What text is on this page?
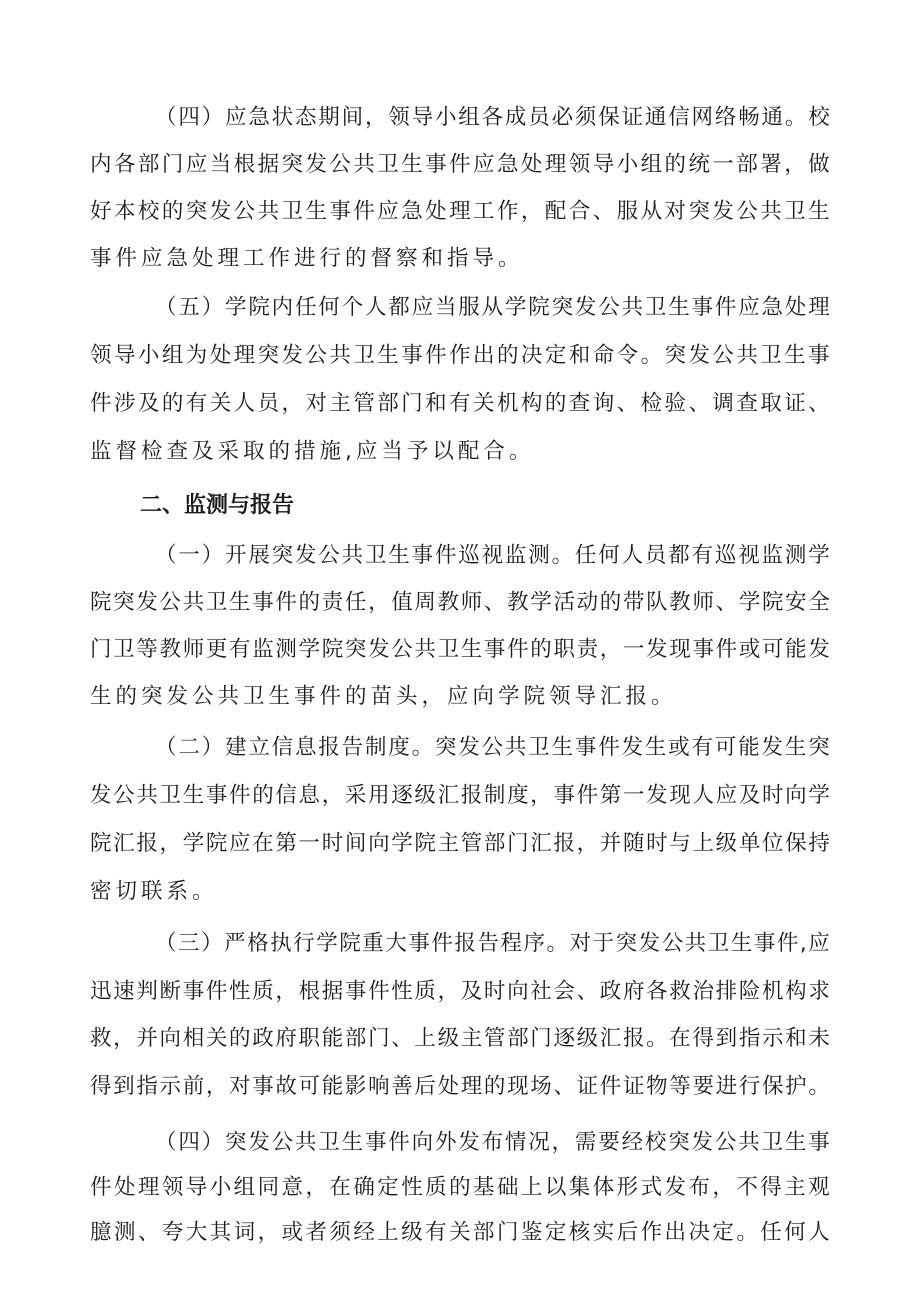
（ 四 ） 应 急 状 态 期 间 ， 领 导 小 组 各 成 员 必 须 保 证 通 信 网 络 畅 通 。 校
内 各 部 门 应 当 根 据 突 发 公 共 卫 生 事 件 应 急 处 理 领 导 小 组 的 统 一 部 署 ， 做
好 本 校 的 突 发 公 共 卫 生 事 件 应 急 处 理 工 作 ， 配 合 、 服 从 对 突 发 公 共 卫 生
事件应急处理工作进行的督察和指导。
（ 五 ） 学 院 内 任 何 个 人 都 应 当 服 从 学 院 突 发 公 共 卫 生 事 件 应 急 处 理
领 导 小 组 为 处 理 突 发 公 共 卫 生 事 件 作 出 的 决 定 和 命 令 。 突 发 公 共 卫 生 事
件 涉 及 的 有 关 人 员 ， 对 主 管 部 门 和 有 关 机 构 的 查 询 、 检 验 、 调 查 取 证 、
监督检查及采取的措施,应当予以配合。
二、监测与报告
（ 一 ） 开 展 突 发 公 共 卫 生 事 件 巡 视 监 测 。 任 何 人 员 都 有 巡 视 监 测 学
院 突 发 公 共 卫 生 事 件 的 责 任 ， 值 周 教 师 、 教 学 活 动 的 带 队 教 师 、 学 院 安 全
门 卫 等 教 师 更 有 监 测 学 院 突 发 公 共 卫 生 事 件 的 职 责 ， 一 发 现 事 件 或 可 能 发
生的突发公共卫生事件的苗头，应向学院领导汇报。
（ 二 ） 建 立 信 息 报 告 制 度 。 突 发 公 共 卫 生 事 件 发 生 或 有 可 能 发 生 突
发 公 共 卫 生 事 件 的 信 息 ， 采 用 逐 级 汇 报 制 度 ， 事 件 第 一 发 现 人 应 及 时 向 学
院 汇 报 ， 学 院 应 在 第 一 时 间 向 学 院 主 管 部 门 汇 报 ， 并 随 时 与 上 级 单 位 保 持
密切联系。
（ 三 ） 严 格 执 行 学 院 重 大 事 件 报 告 程 序 。 对 于 突 发 公 共 卫 生 事 件 , 应
迅 速 判 断 事 件 性 质 ， 根 据 事 件 性 质 ， 及 时 向 社 会 、 政 府 各 救 治 排 险 机 构 求
救 ， 并 向 相 关 的 政 府 职 能 部 门 、 上 级 主 管 部 门 逐 级 汇 报 。 在 得 到 指 示 和 未
得 到 指 示 前 ， 对 事 故 可 能 影 响 善 后 处 理 的 现 场 、 证 件 证 物 等 要 进 行 保 护 。
（ 四 ） 突 发 公 共 卫 生 事 件 向 外 发 布 情 况 ， 需 要 经 校 突 发 公 共 卫 生 事
件 处 理 领 导 小 组 同 意 ， 在 确 定 性 质 的 基 础 上 以 集 体 形 式 发 布 ， 不 得 主 观
臆 测 、 夸 大 其 词 ， 或 者 须 经 上 级 有 关 部 门 鉴 定 核 实 后 作 出 决 定 。 任 何 人
